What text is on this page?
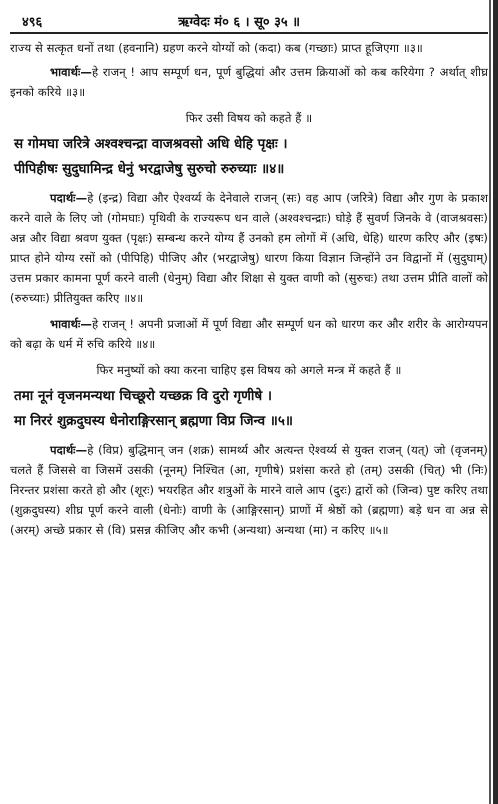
४९६	ऋग्वेदः मं० ६ । सू० ३५ ॥

राज्य से सत्कृत धनों तथा (हवनानि) ग्रहण करने योग्यों को (कदा) कब (गच्छाः) प्राप्त हूजिएगा ॥३॥

भावार्थः—हे राजन् ! आप सम्पूर्ण धन, पूर्ण बुद्धियां और उत्तम क्रियाओं को कब करियेगा ? अर्थात् शीघ्र इनको करिये ॥३॥

फिर उसी विषय को कहते हैं ॥

स गोमघा जरित्रे अश्वश्चन्द्रा वाजश्रवसो अधि धेहि पृक्षः ।

पीपिहीषः सुदुघामिन्द्र धेनुं भरद्वाजेषु सुरुचो रुरुच्याः ॥४॥

पदार्थः—हे (इन्द्र) विद्या और ऐश्वर्य्य के देनेवाले राजन् (सः) वह आप (जरित्रे) विद्या और गुण के प्रकाश करने वाले के लिए जो (गोमघाः) पृथिवी के राज्यरूप धन वाले (अश्वश्चन्द्राः) घोड़े हैं सुवर्ण जिनके वे (वाजश्रवसः) अन्न और विद्या श्रवण युक्त (पृक्षः) सम्बन्ध करने योग्य हैं उनको हम लोगों में (अधि, धेहि) धारण करिए और (इषः) प्राप्त होने योग्य रसों को (पीपिहि) पीजिए और (भरद्वाजेषु) धारण किया विज्ञान जिन्होंने उन विद्वानों में (सुदुघाम्) उत्तम प्रकार कामना पूर्ण करने वाली (धेनुम्) विद्या और शिक्षा से युक्त वाणी को (सुरुचः) तथा उत्तम प्रीति वालों को (रुरुच्याः) प्रीतियुक्त करिए ॥४॥

भावार्थः—हे राजन् ! अपनी प्रजाओं में पूर्ण विद्या और सम्पूर्ण धन को धारण कर और शरीर के आरोग्यपन को बढ़ा के धर्म में रुचि करिये ॥४॥

फिर मनुष्यों को क्या करना चाहिए इस विषय को अगले मन्त्र में कहते हैं ॥

तमा नूनं वृजनमन्यथा चिच्छूरो यच्छक्र वि दुरो गृणीषे ।

मा निररं शुक्रदुघस्य धेनोराङ्गिरसान् ब्रह्मणा विप्र जिन्व ॥५॥

पदार्थः—हे (विप्र) बुद्धिमान् जन (शक्र) सामर्थ्य और अत्यन्त ऐश्वर्य्य से युक्त राजन् (यत्) जो (वृजनम्) चलते हैं जिससे वा जिसमें उसकी (नूनम्) निश्चित (आ, गृणीषे) प्रशंसा करते हो (तम्) उसकी (चित्) भी (निः) निरन्तर प्रशंसा करते हो और (शूरः) भयरहित और शत्रुओं के मारने वाले आप (दुरः) द्वारों को (जिन्व) पुष्ट करिए तथा (शुक्रदुघस्य) शीघ्र पूर्ण करने वाली (धेनोः) वाणी के (आङ्गिरसान्) प्राणों में श्रेष्ठों को (ब्रह्मणा) बड़े धन वा अन्न से (अरम्) अच्छे प्रकार से (वि) प्रसन्न कीजिए और कभी (अन्यथा) अन्यथा (मा) न करिए ॥५॥
